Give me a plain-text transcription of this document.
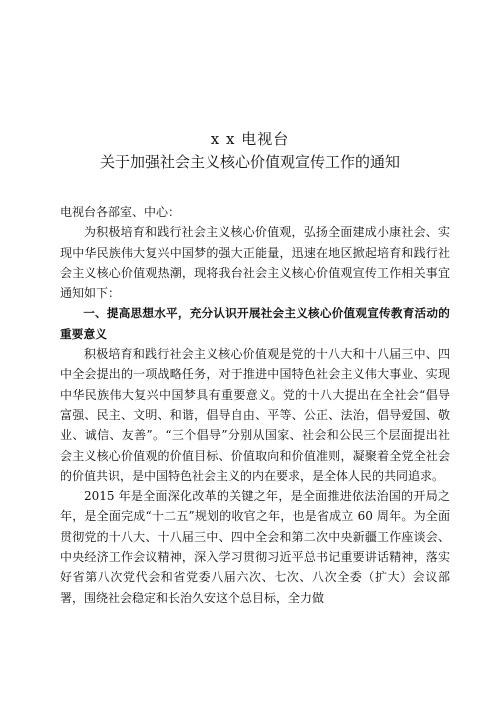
x x 电视台
关于加强社会主义核心价值观宣传工作的通知

电视台各部室、中心：

为积极培育和践行社会主义核心价值观，弘扬全面建成小康社会、实现中华民族伟大复兴中国梦的强大正能量，迅速在地区掀起培育和践行社会主义核心价值观热潮，现将我台社会主义核心价值观宣传工作相关事宜通知如下：

一、提高思想水平，充分认识开展社会主义核心价值观宣传教育活动的重要意义

积极培育和践行社会主义核心价值观是党的十八大和十八届三中、四中全会提出的一项战略任务，对于推进中国特色社会主义伟大事业、实现中华民族伟大复兴中国梦具有重要意义。党的十八大提出在全社会“倡导富强、民主、文明、和谐，倡导自由、平等、公正、法治，倡导爱国、敬业、诚信、友善”。“三个倡导”分别从国家、社会和公民三个层面提出社会主义核心价值观的价值目标、价值取向和价值准则，凝聚着全党全社会的价值共识，是中国特色社会主义的内在要求，是全体人民的共同追求。

2015 年是全面深化改革的关键之年，是全面推进依法治国的开局之年，是全面完成“十二五”规划的收官之年，也是省成立 60 周年。为全面贯彻党的十八大、十八届三中、四中全会和第二次中央新疆工作座谈会、中央经济工作会议精神，深入学习贯彻习近平总书记重要讲话精神，落实好省第八次党代会和省党委八届六次、七次、八次全委（扩大）会议部署，围绕社会稳定和长治久安这个总目标，全力做
